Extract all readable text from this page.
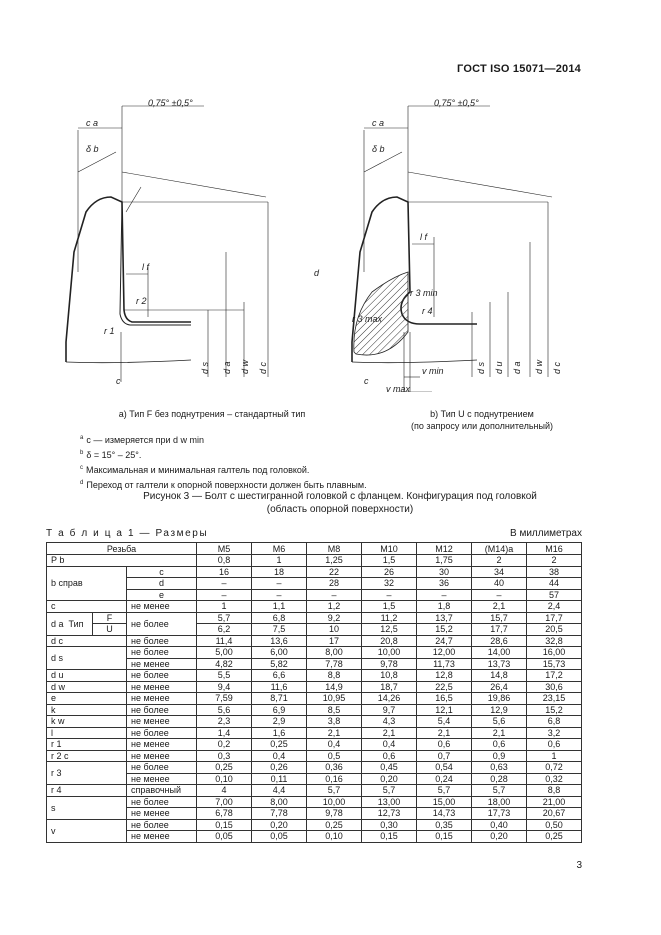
ГОСТ ISO 15071—2014
0,75° ±0,5°
c a
δ b
l f
r 2
r 1
c
d s d a d w d c
0,75° ±0,5°
c a
δ b
l f
d
r 3 min
r 3 max
r 4
c
v min
v max
d s d u d a d w d c
а) Тип F без поднутрения – стандартный тип	b) Тип U с поднутрением
(по запросу или дополнительный)
$^a$ c — измеряется при d w min
$^b$ δ = 15° – 25°.
$^c$ Максимальная и минимальная галтель под головкой.
$^d$ Переход от галтели к опорной поверхности должен быть плавным.
Рисунок 3 — Болт с шестигранной головкой с фланцем. Конфигурация под головкой
(область опорной поверхности)
Т а б л и ц а 1 — Размеры	В миллиметрах
Резьба			M5	M6	M8	M10	M12	(M14)a	M16
P b			0,8	1	1,25	1,5	1,75	2	2
b справ		c	16	18	22	26	30	34	38
		d	–	–	28	32	36	40	44
		e	–	–	–	–	–	–	57
c		не менее	1	1,1	1,2	1,5	1,8	2,1	2,4
d a Тип	F	не более	5,7	6,8	9,2	11,2	13,7	15,7	17,7
	U		6,2	7,5	10	12,5	15,2	17,7	20,5
d c		не более	11,4	13,6	17	20,8	24,7	28,6	32,8
d s		не более	5,00	6,00	8,00	10,00	12,00	14,00	16,00
		не менее	4,82	5,82	7,78	9,78	11,73	13,73	15,73
d u		не более	5,5	6,6	8,8	10,8	12,8	14,8	17,2
d w		не менее	9,4	11,6	14,9	18,7	22,5	26,4	30,6
e		не менее	7,59	8,71	10,95	14,26	16,5	19,86	23,15
k		не более	5,6	6,9	8,5	9,7	12,1	12,9	15,2
k w		не менее	2,3	2,9	3,8	4,3	5,4	5,6	6,8
l		не более	1,4	1,6	2,1	2,1	2,1	2,1	3,2
r 1		не менее	0,2	0,25	0,4	0,4	0,6	0,6	0,6
r 2 c		не менее	0,3	0,4	0,5	0,6	0,7	0,9	1
r 3		не более	0,25	0,26	0,36	0,45	0,54	0,63	0,72
		не менее	0,10	0,11	0,16	0,20	0,24	0,28	0,32
r 4		справочный	4	4,4	5,7	5,7	5,7	5,7	8,8
s		не более	7,00	8,00	10,00	13,00	15,00	18,00	21,00
		не менее	6,78	7,78	9,78	12,73	14,73	17,73	20,67
v		не более	0,15	0,20	0,25	0,30	0,35	0,40	0,50
		не менее	0,05	0,05	0,10	0,15	0,15	0,20	0,25
3
